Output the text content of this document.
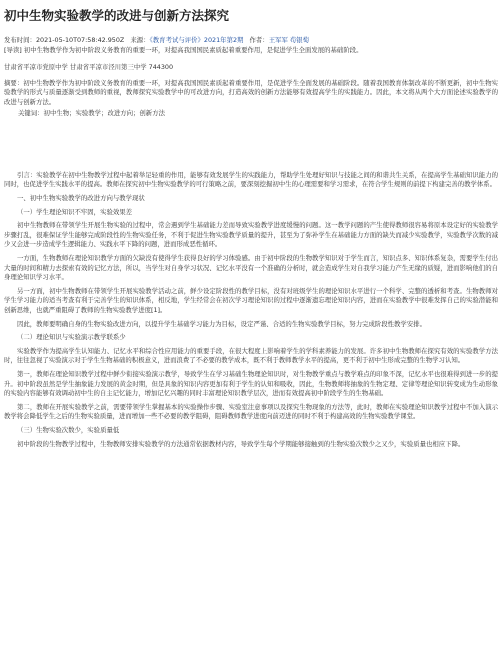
初中生物实验教学的改进与创新方法探究
发布时间：2021-05-10T07:58:42.950Z 来源：《教育考试与评价》2021年第2期 作者：王军军 苟银萄
[导读] 初中生物教学作为初中阶段义务教育的重要一环，对提高我国国民素质起着重要作用，是促进学生全面发展的基础阶段。
甘肃省平凉市党原中学 甘肃省平凉市泾川第三中学 744300
摘要：初中生物教学作为初中阶段义务教育的重要一环，对提高我国国民素质起着重要作用，是促进学生全面发展的基础阶段。随着我国教育体制改革的不断更新，初中生物实验教学的形式与质量逐渐受到教师的重视，教师探究实验教学中的可改进方向，打造高效的创新方法能够有效提高学生的实践能力。因此，本文将从两个大方面论述实验教学的改进与创新方法。
关键词：初中生物；实验教学；改进方向；创新方法
引言：实验教学在初中生物教学过程中起着举足轻重的作用，能够有效发展学生的实践能力，帮助学生处理好知识与技能之间的和谐共生关系，在提高学生基础知识能力的同时，也促进学生实践水平的提高。教师在探究初中生物实验教学的可行策略之前，要深刻挖掘初中生的心理需要和学习需求，在符合学生规则的前提下构建完善的教学体系。
一、初中生物实验教学的改进方向与教学现状
（一）学生理论知识不牢固，实验效果差
初中生物教师在带领学生开展生物实验的过程中，常会遇到学生基础能力差而导致实验教学进度缓慢的问题。这一教学问题的产生使得教师很容易将原本设定好的实验教学步骤打乱，很难保证学生能够完成阶段性的生物实验任务，不利于促进生物实验教学质量的提升，甚至为了弥补学生在基础能力方面的缺失而减少实验教学，实验教学次数的减少又会进一步造成学生逻辑能力、实践水平下降的问题，进而形成恶性循环。
一方面，生物教师在理论知识教学方面的欠缺没有使得学生获得良好的学习体验感。由于初中阶段的生物教学知识对于学生而言，知识点多、知识体系复杂，需要学生付出大量的时间和精力去探索有效的记忆方法，所以，当学生对自身学习状况、记忆水平没有一个准确的分析时，就会造成学生对自我学习能力产生无缘的质疑，进而影响他们的自身理论知识学习水平。
另一方面，初中生物教师在带领学生开展实验教学活动之前，鲜少设定阶段性的教学目标，没有对班级学生的理论知识水平进行一个科学、完整的透析和考查。生物教师对学生学习能力的适当考查有利于完善学生的知识体系，相反地，学生经常会在初次学习理论知识的过程中逐渐遗忘理论知识内容，进而在实验教学中很难发挥自己的实验潜能和创新思维，也就严重阻碍了教师的生物实验教学进度[1]。
因此，教师要明确自身的生物实验改进方向，以提升学生基础学习能力为目标，设定严谨、合适的生物实验教学目标，努力完成阶段性教学安排。
（二）理论知识与实验演示教学联系少
实验教学作为提高学生认知能力、记忆水平和综合性应用能力的重要手段，在很大程度上影响着学生的学科素养能力的发展。许多初中生物教师在探究有效的实验教学方法时，往往忽视了实验演示对于学生生物基础的积极意义，进而浪费了不必要的教学成本，既不利于教师教学水平的提高，更不利于初中生形成完整的生物学习认知。
第一，教师在理论知识教学过程中鲜少衔接实验演示教学，导致学生在学习基础生物理论知识时，对生物教学重点与教学难点的印象不深，记忆水平也很难得到进一步的提升。初中阶段虽然是学生抽象能力发展的黄金时期，但是具象的知识内容更加有利于学生的认知和吸收，因此，生物教师将抽象的生物定理、定律等理论知识转变成为生动形象的实验内容能够有效调动初中生的自主记忆能力，增加记忆兴趣的同时丰富理论知识教学层次，进而有效提高初中阶段学生的生物基础。
第二，教师在开展实验教学之前，需要带领学生掌握基本的实验操作步骤、实验室注意事项以及探究生物现象的方法等，此时，教师在实验理论知识教学过程中不加入演示教学将会降低学生之后的生物实验质量，进而增加一些不必要的教学阻碍，阻碍教师教学进度向前迈进的同时不利于构建高效的生物实验教学课堂。
（三）生物实验次数少，实验质量低
初中阶段的生物教学过程中，生物教师安排实验教学的方法通常依据教材内容，导致学生每个学期能够接触到的生物实验次数少之又少，实验质量也相应下降。
